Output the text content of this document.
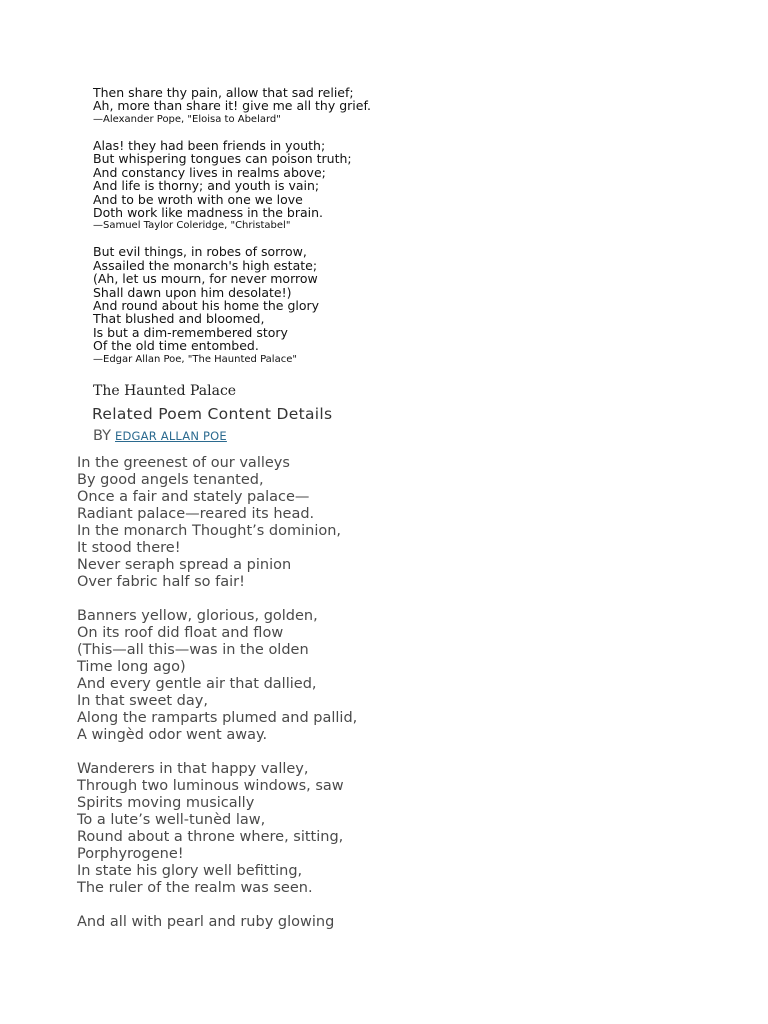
Then share thy pain, allow that sad relief;
Ah, more than share it! give me all thy grief.
—Alexander Pope, "Eloisa to Abelard"
Alas! they had been friends in youth;
But whispering tongues can poison truth;
And constancy lives in realms above;
And life is thorny; and youth is vain;
And to be wroth with one we love
Doth work like madness in the brain.
—Samuel Taylor Coleridge, "Christabel"
But evil things, in robes of sorrow,
Assailed the monarch's high estate;
(Ah, let us mourn, for never morrow
Shall dawn upon him desolate!)
And round about his home the glory
That blushed and bloomed,
Is but a dim-remembered story
Of the old time entombed.
—Edgar Allan Poe, "The Haunted Palace"
The Haunted Palace
Related Poem Content Details
BY EDGAR ALLAN POE
In the greenest of our valleys
By good angels tenanted,
Once a fair and stately palace—
Radiant palace—reared its head.
In the monarch Thought’s dominion,
It stood there!
Never seraph spread a pinion
Over fabric half so fair!
Banners yellow, glorious, golden,
On its roof did float and flow
(This—all this—was in the olden
Time long ago)
And every gentle air that dallied,
In that sweet day,
Along the ramparts plumed and pallid,
A wingèd odor went away.
Wanderers in that happy valley,
Through two luminous windows, saw
Spirits moving musically
To a lute’s well-tunèd law,
Round about a throne where, sitting,
Porphyrogene!
In state his glory well befitting,
The ruler of the realm was seen.
And all with pearl and ruby glowing
